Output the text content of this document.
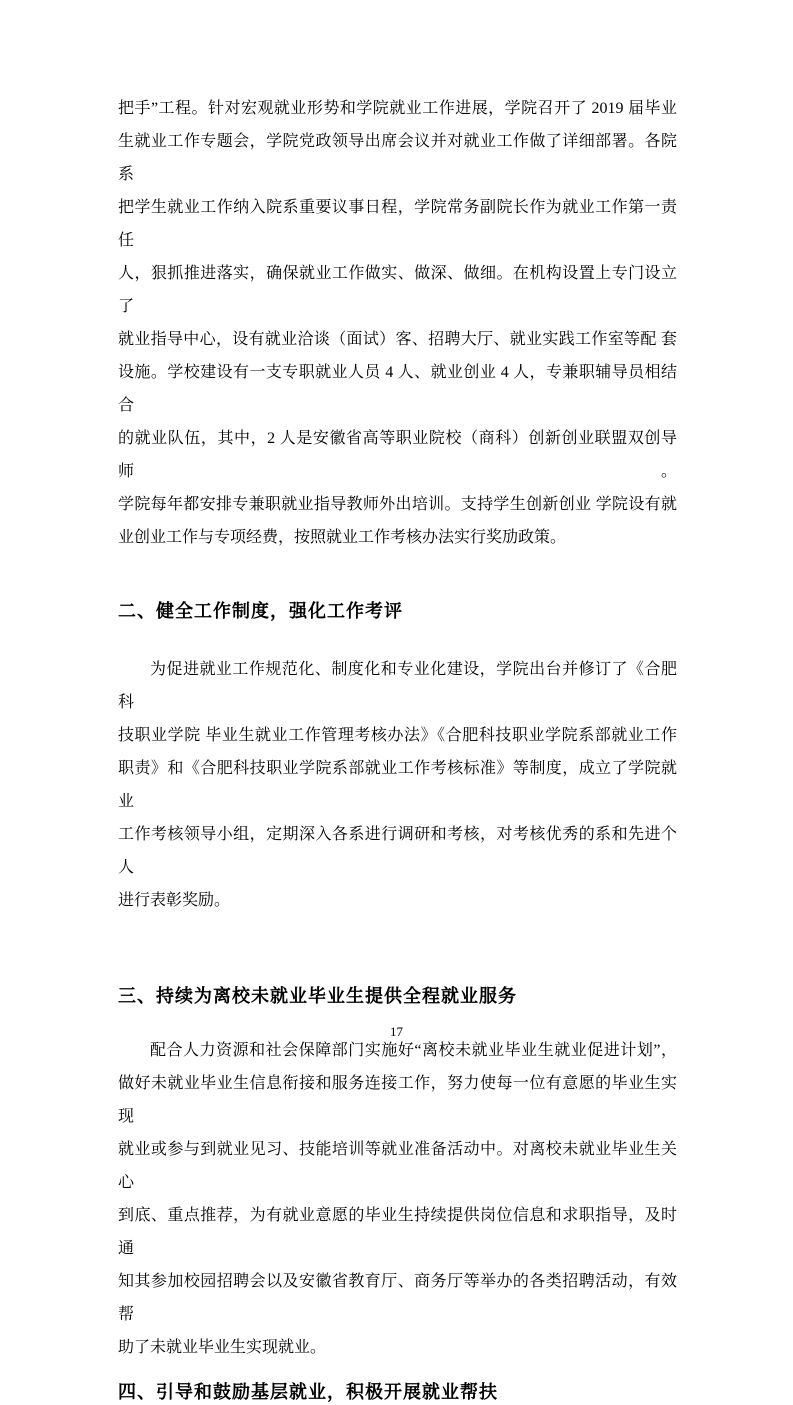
把手”工程。针对宏观就业形势和学院就业工作进展，学院召开了 2019 届毕业
生就业工作专题会，学院党政领导出席会议并对就业工作做了详细部署。各院系
把学生就业工作纳入院系重要议事日程，学院常务副院长作为就业工作第一责任
人，狠抓推进落实，确保就业工作做实、做深、做细。在机构设置上专门设立了
就业指导中心，设有就业洽谈（面试）客、招聘大厅、就业实践工作室等配 套
设施。学校建设有一支专职就业人员 4 人、就业创业 4 人，专兼职辅导员相结合
的就业队伍，其中，2 人是安徽省高等职业院校（商科）创新创业联盟双创导师。
学院每年都安排专兼职就业指导教师外出培训。支持学生创新创业 学院设有就
业创业工作与专项经费，按照就业工作考核办法实行奖劢政策。
二、健全工作制度，强化工作考评
为促进就业工作规范化、制度化和专业化建设，学院出台并修订了《合肥科
技职业学院 毕业生就业工作管理考核办法》《合肥科技职业学院系部就业工作
职责》和《合肥科技职业学院系部就业工作考核标准》等制度，成立了学院就业
工作考核领导小组，定期深入各系进行调研和考核，对考核优秀的系和先进个人
进行表彰奖励。
三、持续为离校未就业毕业生提供全程就业服务
配合人力资源和社会保障部门实施好“离校未就业毕业生就业促进计划”，
做好未就业毕业生信息衔接和服务连接工作，努力使每一位有意愿的毕业生实现
就业或参与到就业见习、技能培训等就业准备活动中。对离校未就业毕业生关心
到底、重点推荐，为有就业意愿的毕业生持续提供岗位信息和求职指导，及时通
知其参加校园招聘会以及安徽省教育厅、商务厅等举办的各类招聘活动，有效帮
助了未就业毕业生实现就业。
四、引导和鼓励基层就业，积极开展就业帮扶
17
